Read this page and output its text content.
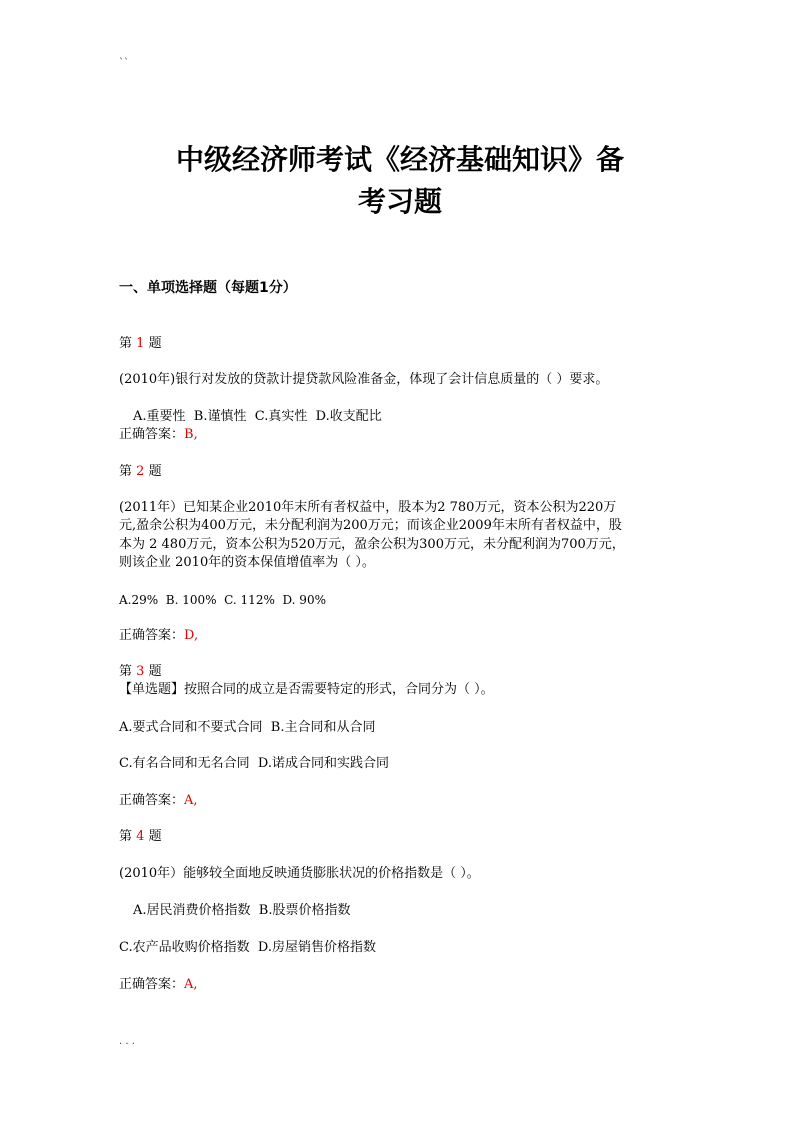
``
中级经济师考试《经济基础知识》备
考习题
一、单项选择题（每题1分）
第 1 题
(2010年)银行对发放的贷款计提贷款风险准备金，体现了会计信息质量的（ ）要求。
A.重要性  B.谨慎性  C.真实性  D.收支配比
正确答案：B,
第 2 题
(2011年）已知某企业2010年末所有者权益中，股本为2 780万元，资本公积为220万
元,盈余公积为400万元，未分配利润为200万元；而该企业2009年末所有者权益中，股
本为 2 480万元，资本公积为520万元，盈余公积为300万元，未分配利润为700万元，
则该企业 2010年的资本保值增值率为（ ）。
A.29%  B. 100%  C. 112%  D. 90%
正确答案：D,
第 3 题
【单选题】按照合同的成立是否需要特定的形式，合同分为（ ）。
A.要式合同和不要式合同  B.主合同和从合同
C.有名合同和无名合同  D.诺成合同和实践合同
正确答案：A,
第 4 题
(2010年）能够较全面地反映通货膨胀状况的价格指数是（ ）。
A.居民消费价格指数  B.股票价格指数
C.农产品收购价格指数  D.房屋销售价格指数
正确答案：A,
. . .
